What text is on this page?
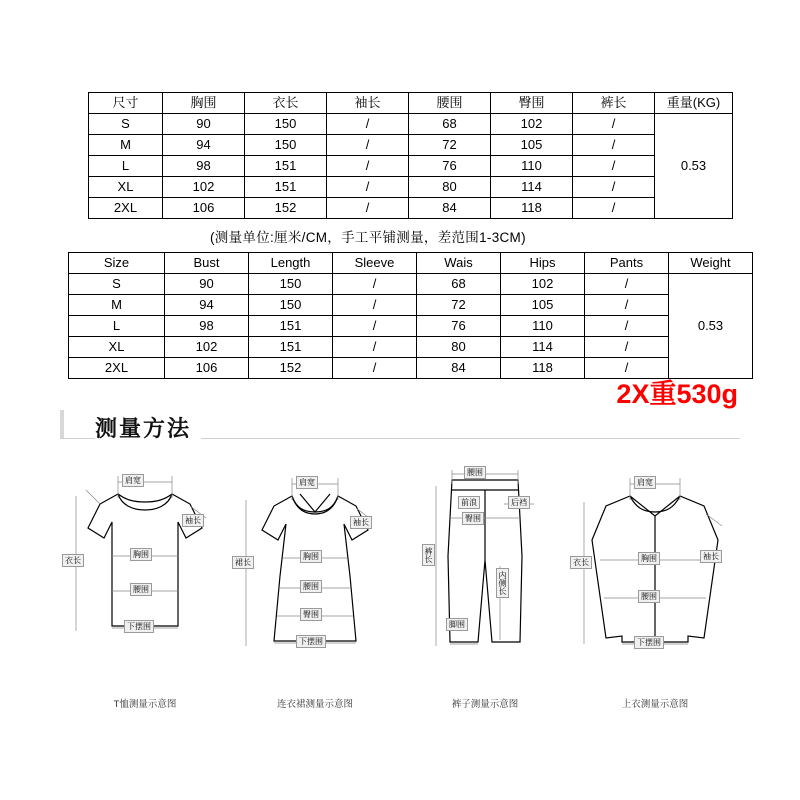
尺寸	胸围	衣长	袖长	腰围	臀围	裤长	重量(KG)
S	90	150	/	68	102	/	0.53
M	94	150	/	72	105	/	
L	98	151	/	76	110	/	
XL	102	151	/	80	114	/	
2XL	106	152	/	84	118	/	
(测量单位:厘米/CM，手工平铺测量，差范围1-3CM)
Size	Bust	Length	Sleeve	Wais	Hips	Pants	Weight
S	90	150	/	68	102	/	0.53
M	94	150	/	72	105	/	
L	98	151	/	76	110	/	
XL	102	151	/	80	114	/	
2XL	106	152	/	84	118	/	
2X重530g
测量方法
肩宽
袖长
胸围
腰围
衣长
下摆围
T恤测量示意图
肩宽
袖长
胸围
腰围
臀围
裙长
下摆围
连衣裙测量示意图
腰围
前浪	后裆
臀围
裤长
内侧长
脚围
裤子测量示意图
肩宽
袖长
胸围
腰围
衣长
下摆围
上衣测量示意图
